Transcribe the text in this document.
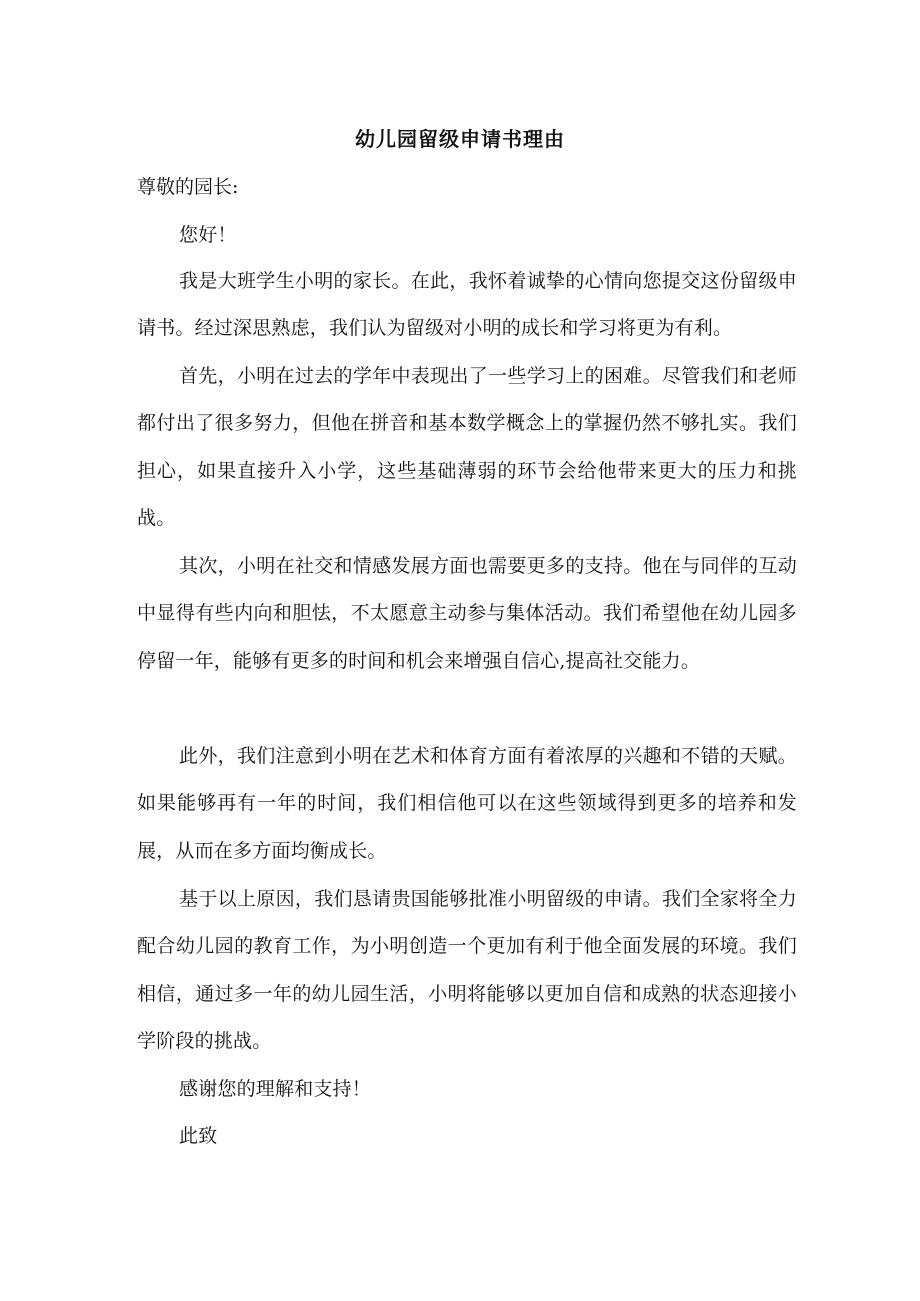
幼儿园留级申请书理由

尊敬的园长:

您好！

我是大班学生小明的家长。在此，我怀着诚挚的心情向您提交这份留级申请书。经过深思熟虑，我们认为留级对小明的成长和学习将更为有利。

首先，小明在过去的学年中表现出了一些学习上的困难。尽管我们和老师都付出了很多努力，但他在拼音和基本数学概念上的掌握仍然不够扎实。我们担心，如果直接升入小学，这些基础薄弱的环节会给他带来更大的压力和挑战。

其次，小明在社交和情感发展方面也需要更多的支持。他在与同伴的互动中显得有些内向和胆怯，不太愿意主动参与集体活动。我们希望他在幼儿园多停留一年，能够有更多的时间和机会来增强自信心,提高社交能力。

此外，我们注意到小明在艺术和体育方面有着浓厚的兴趣和不错的天赋。如果能够再有一年的时间，我们相信他可以在这些领域得到更多的培养和发展，从而在多方面均衡成长。

基于以上原因，我们恳请贵国能够批准小明留级的申请。我们全家将全力配合幼儿园的教育工作，为小明创造一个更加有利于他全面发展的环境。我们相信，通过多一年的幼儿园生活，小明将能够以更加自信和成熟的状态迎接小学阶段的挑战。

感谢您的理解和支持！

此致
